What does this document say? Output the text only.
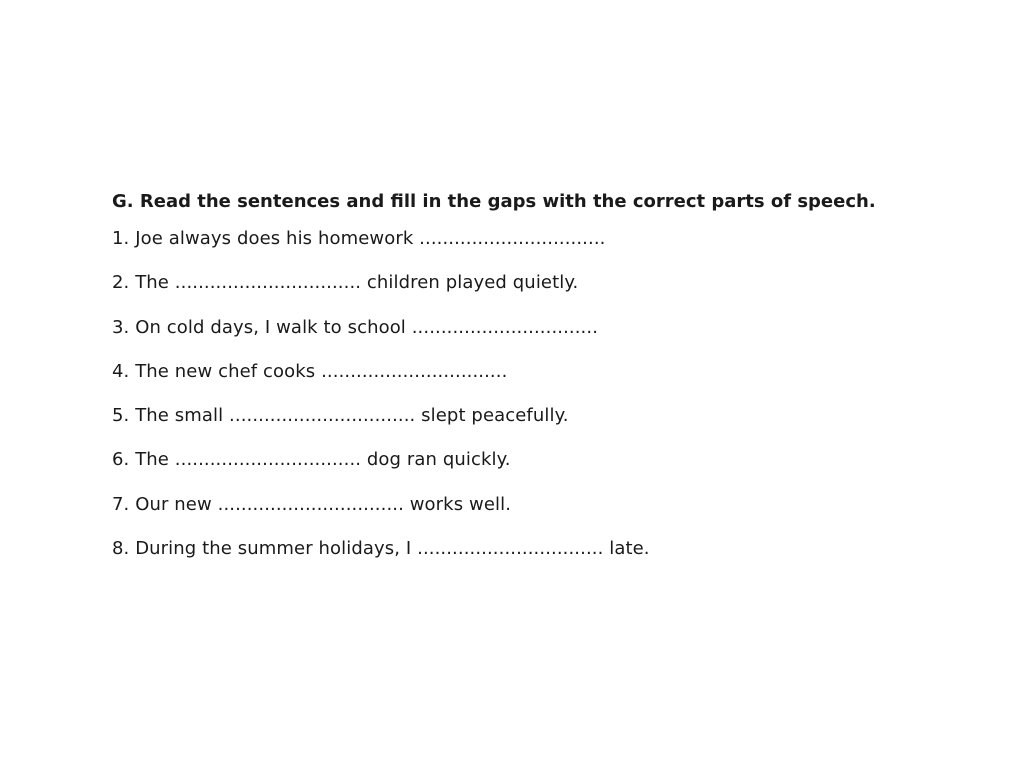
G. Read the sentences and fill in the gaps with the correct parts of speech.
1. Joe always does his homework ................................
2. The ................................ children played quietly.
3. On cold days, I walk to school ................................
4. The new chef cooks ................................
5. The small ................................ slept peacefully.
6. The ................................ dog ran quickly.
7. Our new ................................ works well.
8. During the summer holidays, I ................................ late.
